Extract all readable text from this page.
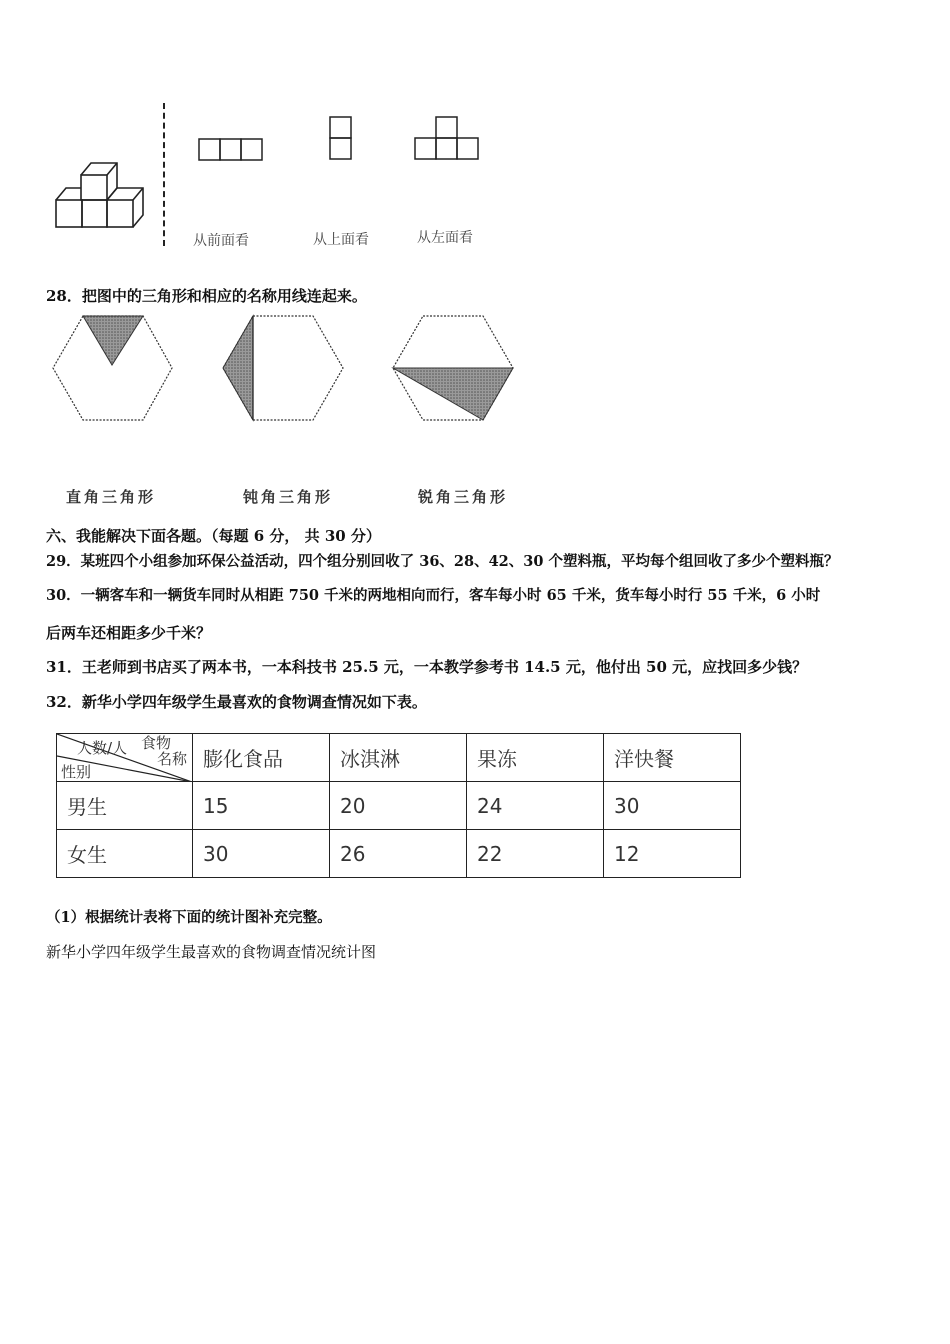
从前面看	从上面看	从左面看
28．把图中的三角形和相应的名称用线连起来。
直角三角形	钝角三角形	锐角三角形
六、我能解决下面各题。（每题 6 分， 共 30 分）
29．某班四个小组参加环保公益活动，四个组分别回收了 36、28、42、30 个塑料瓶，平均每个组回收了多少个塑料瓶？
30．一辆客车和一辆货车同时从相距 750 千米的两地相向而行，客车每小时 65 千米，货车每小时行 55 千米，6 小时
后两车还相距多少千米？
31．王老师到书店买了两本书，一本科技书 25.5 元，一本教学参考书 14.5 元，他付出 50 元，应找回多少钱？
32．新华小学四年级学生最喜欢的食物调查情况如下表。
食物
名称
人数/人
性别	膨化食品	冰淇淋	果冻	洋快餐
男生	15	20	24	30
女生	30	26	22	12
（1）根据统计表将下面的统计图补充完整。
新华小学四年级学生最喜欢的食物调查情况统计图
